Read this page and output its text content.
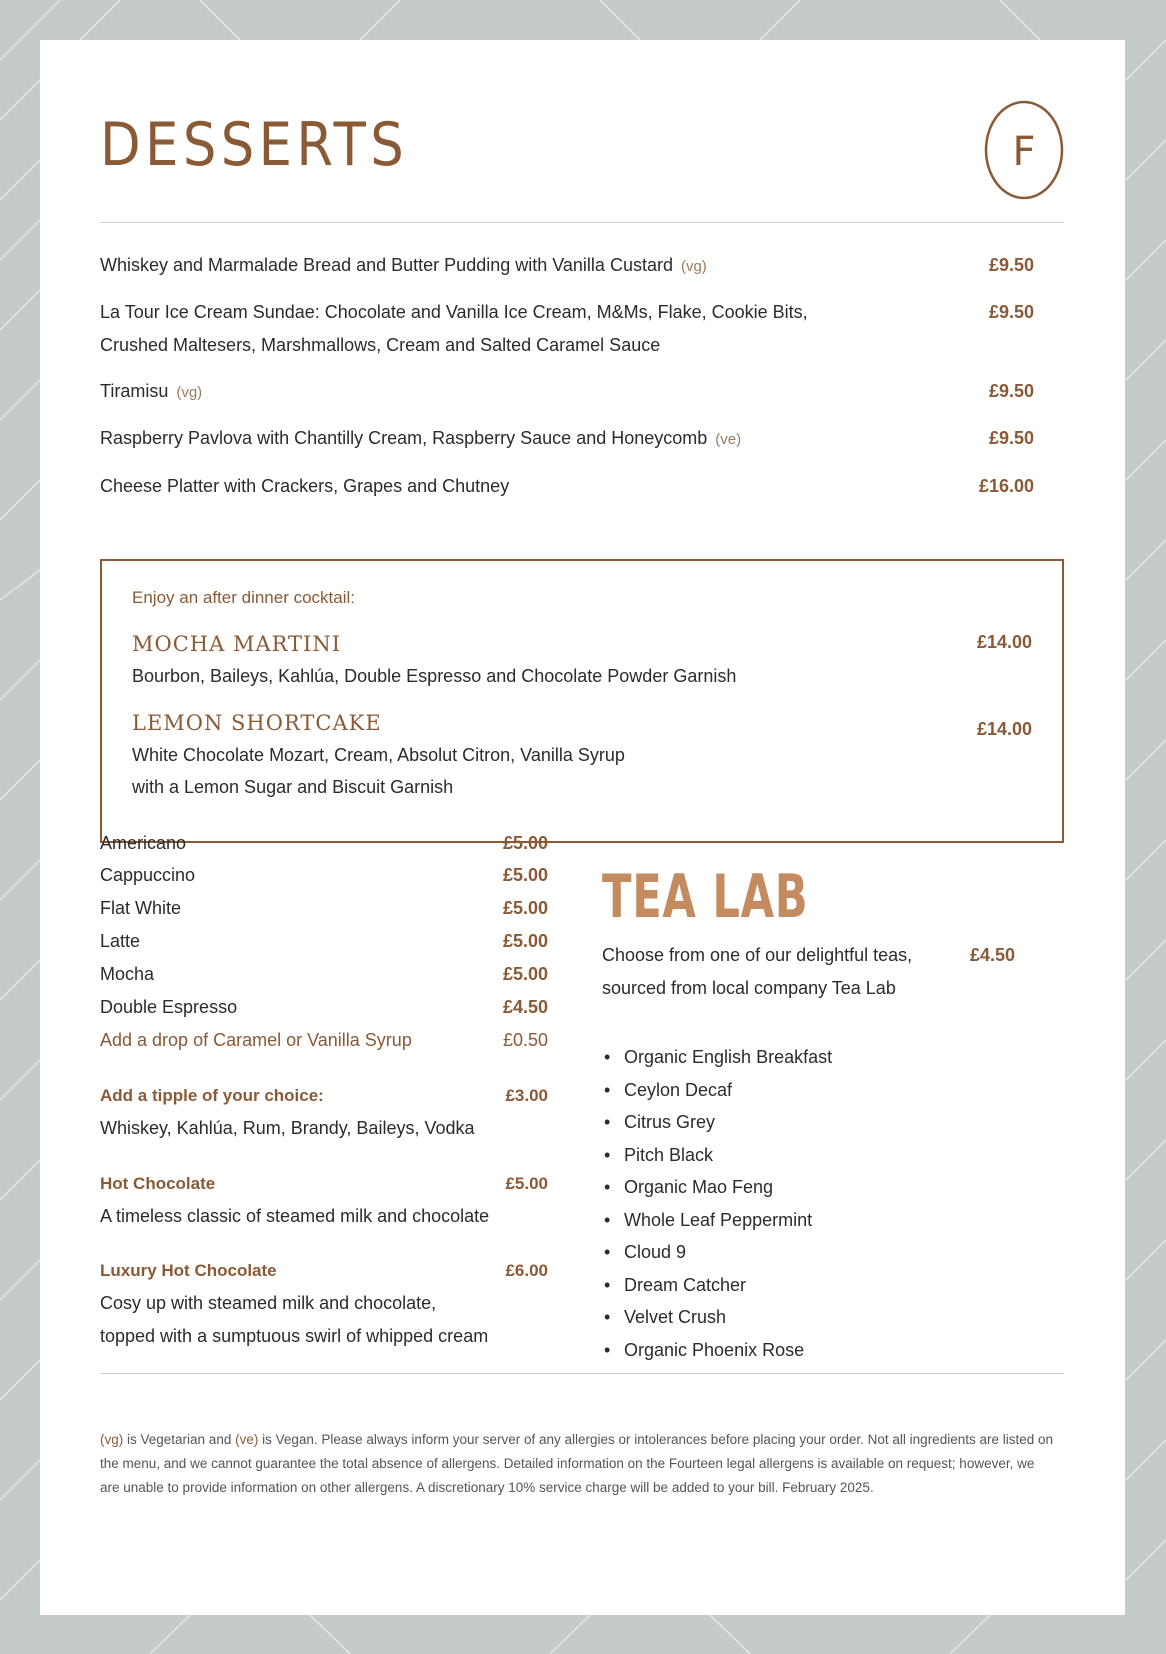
DESSERTS	F
Whiskey and Marmalade Bread and Butter Pudding with Vanilla Custard (vg)	£9.50
La Tour Ice Cream Sundae: Chocolate and Vanilla Ice Cream, M&Ms, Flake, Cookie Bits,
Crushed Maltesers, Marshmallows, Cream and Salted Caramel Sauce
£9.50
Tiramisu (vg)	£9.50
Raspberry Pavlova with Chantilly Cream, Raspberry Sauce and Honeycomb (ve)	£9.50
Cheese Platter with Crackers, Grapes and Chutney	£16.00
Enjoy an after dinner cocktail:
MOCHA MARTINI	£14.00
Bourbon, Baileys, Kahlúa, Double Espresso and Chocolate Powder Garnish
LEMON SHORTCAKE	£14.00
White Chocolate Mozart, Cream, Absolut Citron, Vanilla Syrup
with a Lemon Sugar and Biscuit Garnish
Americano	£5.00
Cappuccino	£5.00
Flat White	£5.00
Latte	£5.00
Mocha	£5.00
Double Espresso	£4.50
Add a drop of Caramel or Vanilla Syrup	£0.50
Add a tipple of your choice:	£3.00
Whiskey, Kahlúa, Rum, Brandy, Baileys, Vodka
Hot Chocolate	£5.00
A timeless classic of steamed milk and chocolate
Luxury Hot Chocolate	£6.00
Cosy up with steamed milk and chocolate,
topped with a sumptuous swirl of whipped cream
TEA LAB
Choose from one of our delightful teas,
sourced from local company Tea Lab
£4.50
• Organic English Breakfast
• Ceylon Decaf
• Citrus Grey
• Pitch Black
• Organic Mao Feng
• Whole Leaf Peppermint
• Cloud 9
• Dream Catcher
• Velvet Crush
• Organic Phoenix Rose
(vg) is Vegetarian and (ve) is Vegan. Please always inform your server of any allergies or intolerances before placing your order. Not all ingredients are listed on the menu, and we cannot guarantee the total absence of allergens. Detailed information on the Fourteen legal allergens is available on request; however, we are unable to provide information on other allergens. A discretionary 10% service charge will be added to your bill. February 2025.
